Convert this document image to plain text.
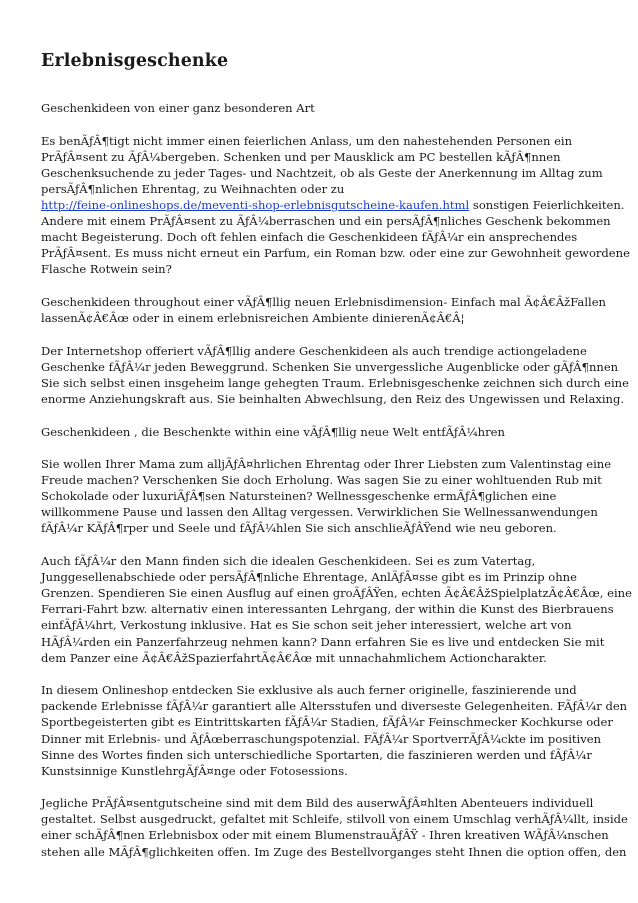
Erlebnisgeschenke
Geschenkideen von einer ganz besonderen Art
Es benÃƒÂ¶tigt nicht immer einen feierlichen Anlass, um den nahestehenden Personen ein
PrÃƒÂ¤sent zu ÃƒÂ¼bergeben. Schenken und per Mausklick am PC bestellen kÃƒÂ¶nnen
Geschenksuchende zu jeder Tages- und Nachtzeit, ob als Geste der Anerkennung im Alltag zum
persÃƒÂ¶nlichen Ehrentag, zu Weihnachten oder zu
http://feine-onlineshops.de/meventi-shop-erlebnisgutscheine-kaufen.html sonstigen Feierlichkeiten.
Andere mit einem PrÃƒÂ¤sent zu ÃƒÂ¼berraschen und ein persÃƒÂ¶nliches Geschenk bekommen
macht Begeisterung. Doch oft fehlen einfach die Geschenkideen fÃƒÂ¼r ein ansprechendes
PrÃƒÂ¤sent. Es muss nicht erneut ein Parfum, ein Roman bzw. oder eine zur Gewohnheit gewordene
Flasche Rotwein sein?
Geschenkideen throughout einer vÃƒÂ¶llig neuen Erlebnisdimension- Einfach mal Ã¢Â€ÂžFallen
lassenÃ¢Â€Âœ oder in einem erlebnisreichen Ambiente dinierenÃ¢Â€Â¦
Der Internetshop offeriert vÃƒÂ¶llig andere Geschenkideen als auch trendige actiongeladene
Geschenke fÃƒÂ¼r jeden Beweggrund. Schenken Sie unvergessliche Augenblicke oder gÃƒÂ¶nnen
Sie sich selbst einen insgeheim lange gehegten Traum. Erlebnisgeschenke zeichnen sich durch eine
enorme Anziehungskraft aus. Sie beinhalten Abwechlsung, den Reiz des Ungewissen und Relaxing.
Geschenkideen , die Beschenkte within eine vÃƒÂ¶llig neue Welt entfÃƒÂ¼hren
Sie wollen Ihrer Mama zum alljÃƒÂ¤hrlichen Ehrentag oder Ihrer Liebsten zum Valentinstag eine
Freude machen? Verschenken Sie doch Erholung. Was sagen Sie zu einer wohltuenden Rub mit
Schokolade oder luxuriÃƒÂ¶sen Natursteinen? Wellnessgeschenke ermÃƒÂ¶glichen eine
willkommene Pause und lassen den Alltag vergessen. Verwirklichen Sie Wellnessanwendungen
fÃƒÂ¼r KÃƒÂ¶rper und Seele und fÃƒÂ¼hlen Sie sich anschlieÃƒÂŸend wie neu geboren.
Auch fÃƒÂ¼r den Mann finden sich die idealen Geschenkideen. Sei es zum Vatertag,
Junggesellenabschiede oder persÃƒÂ¶nliche Ehrentage, AnlÃƒÂ¤sse gibt es im Prinzip ohne
Grenzen. Spendieren Sie einen Ausflug auf einen groÃƒÂŸen, echten Ã¢Â€ÂžSpielplatzÃ¢Â€Âœ, eine
Ferrari-Fahrt bzw. alternativ einen interessanten Lehrgang, der within die Kunst des Bierbrauens
einfÃƒÂ¼hrt, Verkostung inklusive. Hat es Sie schon seit jeher interessiert, welche art von
HÃƒÂ¼rden ein Panzerfahrzeug nehmen kann? Dann erfahren Sie es live und entdecken Sie mit
dem Panzer eine Ã¢Â€ÂžSpazierfahrtÃ¢Â€Âœ mit unnachahmlichem Actioncharakter.
In diesem Onlineshop entdecken Sie exklusive als auch ferner originelle, faszinierende und
packende Erlebnisse fÃƒÂ¼r garantiert alle Altersstufen und diverseste Gelegenheiten. FÃƒÂ¼r den
Sportbegeisterten gibt es Eintrittskarten fÃƒÂ¼r Stadien, fÃƒÂ¼r Feinschmecker Kochkurse oder
Dinner mit Erlebnis- und ÃƒÂœberraschungspotenzial. FÃƒÂ¼r SportverrÃƒÂ¼ckte im positiven
Sinne des Wortes finden sich unterschiedliche Sportarten, die faszinieren werden und fÃƒÂ¼r
Kunstsinnige KunstlehrgÃƒÂ¤nge oder Fotosessions.
Jegliche PrÃƒÂ¤sentgutscheine sind mit dem Bild des auserwÃƒÂ¤hlten Abenteuers individuell
gestaltet. Selbst ausgedruckt, gefaltet mit Schleife, stilvoll von einem Umschlag verhÃƒÂ¼llt, inside
einer schÃƒÂ¶nen Erlebnisbox oder mit einem BlumenstrauÃƒÂŸ - Ihren kreativen WÃƒÂ¼nschen
stehen alle MÃƒÂ¶glichkeiten offen. Im Zuge des Bestellvorganges steht Ihnen die option offen, den
